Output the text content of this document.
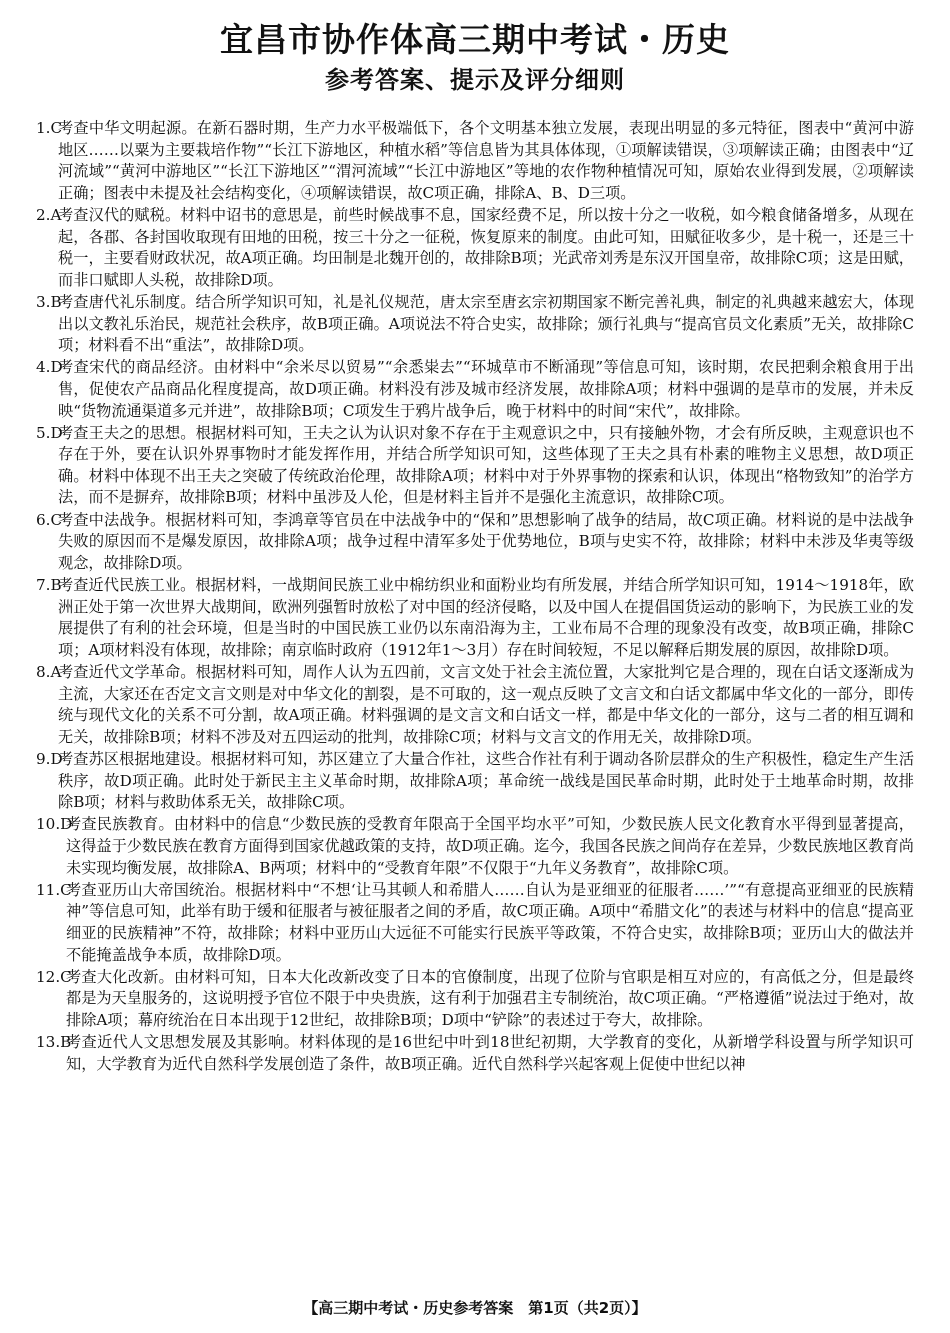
宜昌市协作体高三期中考试・历史
参考答案、提示及评分细则
1.C
考查中华文明起源。在新石器时期，生产力水平极端低下，各个文明基本独立发展，表现出明显的多元特征，图表中“黄河中游地区……以粟为主要栽培作物”“长江下游地区，种植水稻”等信息皆为其具体体现，①项解读错误，③项解读正确；由图表中“辽河流域”“黄河中游地区”“长江下游地区”“渭河流域”“长江中游地区”等地的农作物种植情况可知，原始农业得到发展，②项解读正确；图表中未提及社会结构变化，④项解读错误，故C项正确，排除A、B、D三项。
2.A
考查汉代的赋税。材料中诏书的意思是，前些时候战事不息，国家经费不足，所以按十分之一收税，如今粮食储备增多，从现在起，各郡、各封国收取现有田地的田税，按三十分之一征税，恢复原来的制度。由此可知，田赋征收多少，是十税一，还是三十税一，主要看财政状况，故A项正确。均田制是北魏开创的，故排除B项；光武帝刘秀是东汉开国皇帝，故排除C项；这是田赋，而非口赋即人头税，故排除D项。
3.B
考查唐代礼乐制度。结合所学知识可知，礼是礼仪规范，唐太宗至唐玄宗初期国家不断完善礼典，制定的礼典越来越宏大，体现出以文教礼乐治民，规范社会秩序，故B项正确。A项说法不符合史实，故排除；颁行礼典与“提高官员文化素质”无关，故排除C项；材料看不出“重法”，故排除D项。
4.D
考查宋代的商品经济。由材料中“余米尽以贸易”“余悉粜去”“环城草市不断涌现”等信息可知，该时期，农民把剩余粮食用于出售，促使农产品商品化程度提高，故D项正确。材料没有涉及城市经济发展，故排除A项；材料中强调的是草市的发展，并未反映“货物流通渠道多元并进”，故排除B项；C项发生于鸦片战争后，晚于材料中的时间“宋代”，故排除。
5.D
考查王夫之的思想。根据材料可知，王夫之认为认识对象不存在于主观意识之中，只有接触外物，才会有所反映，主观意识也不存在于外，要在认识外界事物时才能发挥作用，并结合所学知识可知，这些体现了王夫之具有朴素的唯物主义思想，故D项正确。材料中体现不出王夫之突破了传统政治伦理，故排除A项；材料中对于外界事物的探索和认识，体现出“格物致知”的治学方法，而不是摒弃，故排除B项；材料中虽涉及人伦，但是材料主旨并不是强化主流意识，故排除C项。
6.C
考查中法战争。根据材料可知，李鸿章等官员在中法战争中的“保和”思想影响了战争的结局，故C项正确。材料说的是中法战争失败的原因而不是爆发原因，故排除A项；战争过程中清军多处于优势地位，B项与史实不符，故排除；材料中未涉及华夷等级观念，故排除D项。
7.B
考查近代民族工业。根据材料，一战期间民族工业中棉纺织业和面粉业均有所发展，并结合所学知识可知，1914～1918年，欧洲正处于第一次世界大战期间，欧洲列强暂时放松了对中国的经济侵略，以及中国人在提倡国货运动的影响下，为民族工业的发展提供了有利的社会环境，但是当时的中国民族工业仍以东南沿海为主，工业布局不合理的现象没有改变，故B项正确，排除C项；A项材料没有体现，故排除；南京临时政府（1912年1～3月）存在时间较短，不足以解释后期发展的原因，故排除D项。
8.A
考查近代文学革命。根据材料可知，周作人认为五四前，文言文处于社会主流位置，大家批判它是合理的，现在白话文逐渐成为主流，大家还在否定文言文则是对中华文化的割裂，是不可取的，这一观点反映了文言文和白话文都属中华文化的一部分，即传统与现代文化的关系不可分割，故A项正确。材料强调的是文言文和白话文一样，都是中华文化的一部分，这与二者的相互调和无关，故排除B项；材料不涉及对五四运动的批判，故排除C项；材料与文言文的作用无关，故排除D项。
9.D
考查苏区根据地建设。根据材料可知，苏区建立了大量合作社，这些合作社有利于调动各阶层群众的生产积极性，稳定生产生活秩序，故D项正确。此时处于新民主主义革命时期，故排除A项；革命统一战线是国民革命时期，此时处于土地革命时期，故排除B项；材料与救助体系无关，故排除C项。
10.D
考查民族教育。由材料中的信息“少数民族的受教育年限高于全国平均水平”可知，少数民族人民文化教育水平得到显著提高，这得益于少数民族在教育方面得到国家优越政策的支持，故D项正确。迄今，我国各民族之间尚存在差异，少数民族地区教育尚未实现均衡发展，故排除A、B两项；材料中的“受教育年限”不仅限于“九年义务教育”，故排除C项。
11.C
考查亚历山大帝国统治。根据材料中“不想‘让马其顿人和希腊人……自认为是亚细亚的征服者……’”“有意提高亚细亚的民族精神”等信息可知，此举有助于缓和征服者与被征服者之间的矛盾，故C项正确。A项中“希腊文化”的表述与材料中的信息“提高亚细亚的民族精神”不符，故排除；材料中亚历山大远征不可能实行民族平等政策，不符合史实，故排除B项；亚历山大的做法并不能掩盖战争本质，故排除D项。
12.C
考查大化改新。由材料可知，日本大化改新改变了日本的官僚制度，出现了位阶与官职是相互对应的，有高低之分，但是最终都是为天皇服务的，这说明授予官位不限于中央贵族，这有利于加强君主专制统治，故C项正确。“严格遵循”说法过于绝对，故排除A项；幕府统治在日本出现于12世纪，故排除B项；D项中“铲除”的表述过于夸大，故排除。
13.B
考查近代人文思想发展及其影响。材料体现的是16世纪中叶到18世纪初期，大学教育的变化，从新增学科设置与所学知识可知，大学教育为近代自然科学发展创造了条件，故B项正确。近代自然科学兴起客观上促使中世纪以神
【高三期中考试・历史参考答案　第1页（共2页）】
